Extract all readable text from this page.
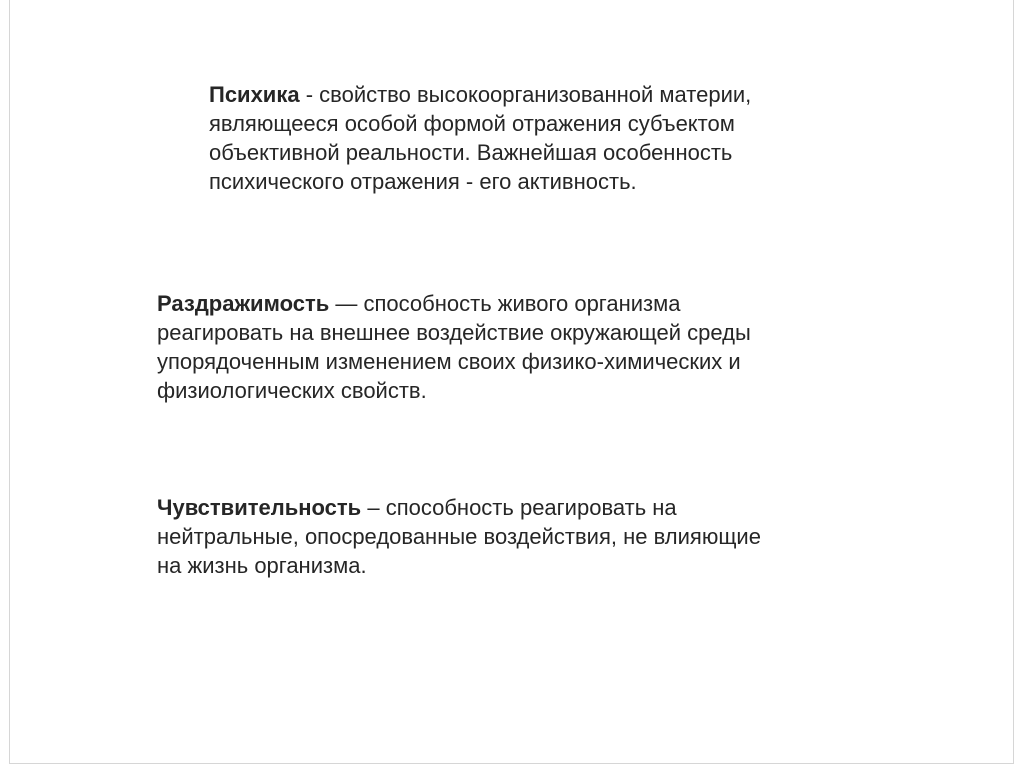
Психика - свойство высокоорганизованной материи,
являющееся особой формой отражения субъектом
объективной реальности. Важнейшая особенность
психического отражения - его активность.

Раздражимость — способность живого организма
реагировать на внешнее воздействие окружающей среды
упорядоченным изменением своих физико-химических и
физиологических свойств.

Чувствительность – способность реагировать на
нейтральные, опосредованные воздействия, не влияющие
на жизнь организма.
